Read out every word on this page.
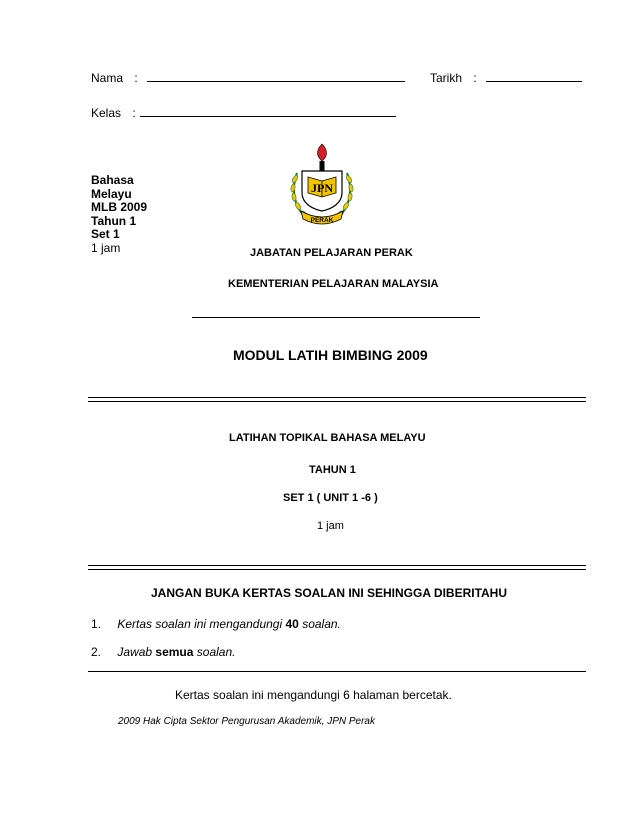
Nama :	Tarikh :
Kelas :
Bahasa
Melayu
MLB 2009
Tahun 1
Set 1
1 jam
JPN
PERAK
JABATAN PELAJARAN PERAK
KEMENTERIAN PELAJARAN MALAYSIA
MODUL LATIH BIMBING 2009
LATIHAN TOPIKAL BAHASA MELAYU
TAHUN 1
SET 1 ( UNIT 1 -6 )
1 jam
JANGAN BUKA KERTAS SOALAN INI SEHINGGA DIBERITAHU
1. Kertas soalan ini mengandungi 40 soalan.
2. Jawab semua soalan.
Kertas soalan ini mengandungi 6 halaman bercetak.
2009 Hak Cipta Sektor Pengurusan Akademik, JPN Perak
